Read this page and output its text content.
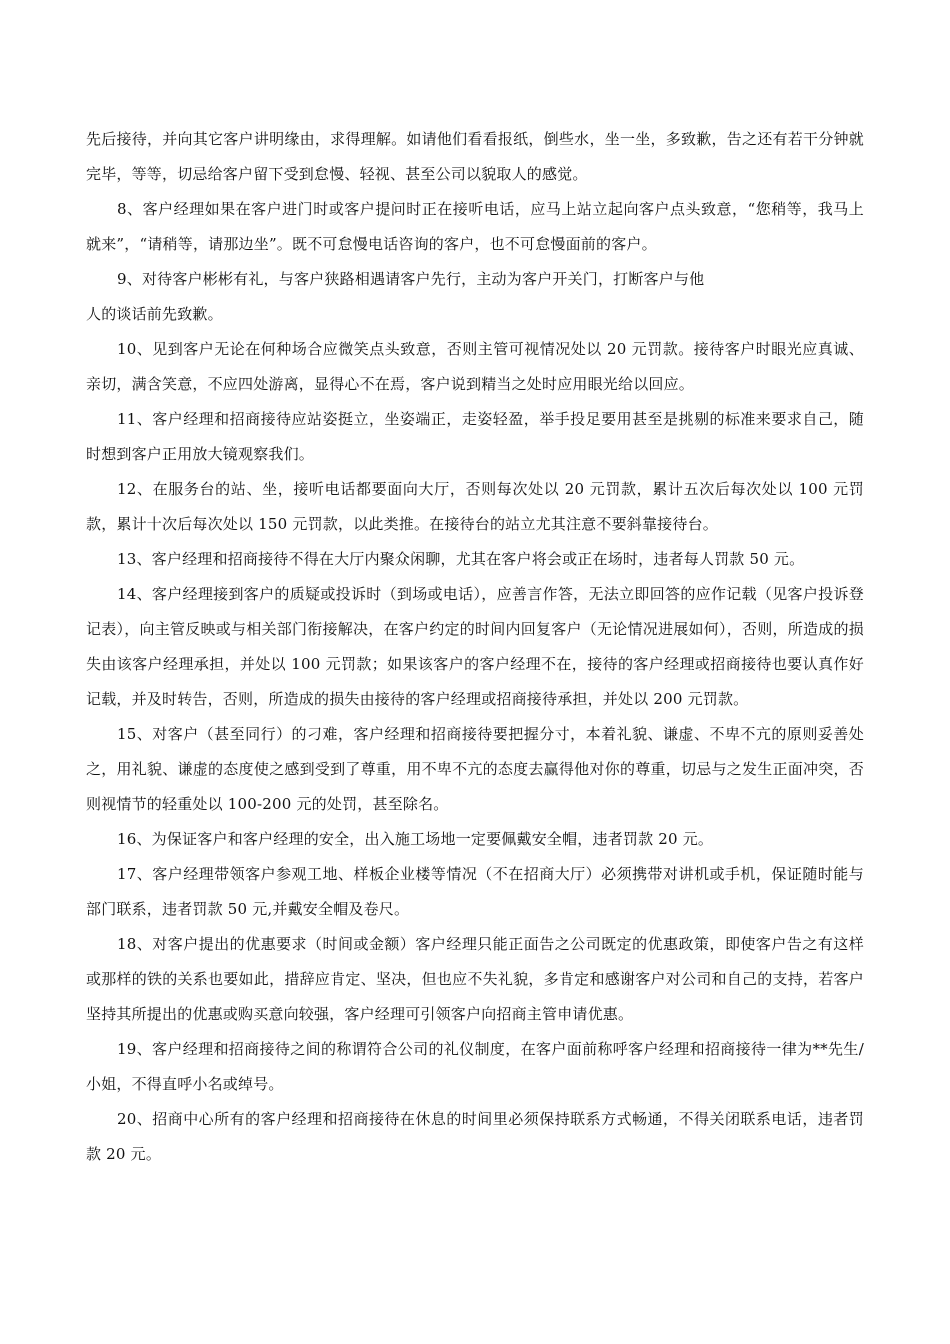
先后接待，并向其它客户讲明缘由，求得理解。如请他们看看报纸，倒些水，坐一坐，多致歉，告之还有若干分钟就完毕，等等，切忌给客户留下受到怠慢、轻视、甚至公司以貌取人的感觉。

8、客户经理如果在客户进门时或客户提问时正在接听电话，应马上站立起向客户点头致意，“您稍等，我马上就来”，“请稍等，请那边坐”。既不可怠慢电话咨询的客户，也不可怠慢面前的客户。

9、对待客户彬彬有礼，与客户狭路相遇请客户先行，主动为客户开关门，打断客户与他

人的谈话前先致歉。

10、见到客户无论在何种场合应微笑点头致意，否则主管可视情况处以 20 元罚款。接待客户时眼光应真诚、亲切，满含笑意，不应四处游离，显得心不在焉，客户说到精当之处时应用眼光给以回应。

11、客户经理和招商接待应站姿挺立，坐姿端正，走姿轻盈，举手投足要用甚至是挑剔的标准来要求自己，随时想到客户正用放大镜观察我们。

12、在服务台的站、坐，接听电话都要面向大厅，否则每次处以 20 元罚款，累计五次后每次处以 100 元罚款，累计十次后每次处以 150 元罚款，以此类推。在接待台的站立尤其注意不要斜靠接待台。

13、客户经理和招商接待不得在大厅内聚众闲聊，尤其在客户将会或正在场时，违者每人罚款 50 元。

14、客户经理接到客户的质疑或投诉时（到场或电话），应善言作答，无法立即回答的应作记载（见客户投诉登记表），向主管反映或与相关部门衔接解决，在客户约定的时间内回复客户（无论情况进展如何），否则，所造成的损失由该客户经理承担，并处以 100 元罚款；如果该客户的客户经理不在，接待的客户经理或招商接待也要认真作好记载，并及时转告，否则，所造成的损失由接待的客户经理或招商接待承担，并处以 200 元罚款。

15、对客户（甚至同行）的刁难，客户经理和招商接待要把握分寸，本着礼貌、谦虚、不卑不亢的原则妥善处之，用礼貌、谦虚的态度使之感到受到了尊重，用不卑不亢的态度去赢得他对你的尊重，切忌与之发生正面冲突，否则视情节的轻重处以 100-200 元的处罚，甚至除名。

16、为保证客户和客户经理的安全，出入施工场地一定要佩戴安全帽，违者罚款 20 元。

17、客户经理带领客户参观工地、样板企业楼等情况（不在招商大厅）必须携带对讲机或手机，保证随时能与部门联系，违者罚款 50 元,并戴安全帽及卷尺。

18、对客户提出的优惠要求（时间或金额）客户经理只能正面告之公司既定的优惠政策，即使客户告之有这样或那样的铁的关系也要如此，措辞应肯定、坚决，但也应不失礼貌，多肯定和感谢客户对公司和自己的支持，若客户坚持其所提出的优惠或购买意向较强，客户经理可引领客户向招商主管申请优惠。

19、客户经理和招商接待之间的称谓符合公司的礼仪制度，在客户面前称呼客户经理和招商接待一律为**先生/小姐，不得直呼小名或绰号。

20、招商中心所有的客户经理和招商接待在休息的时间里必须保持联系方式畅通，不得关闭联系电话，违者罚款 20 元。
